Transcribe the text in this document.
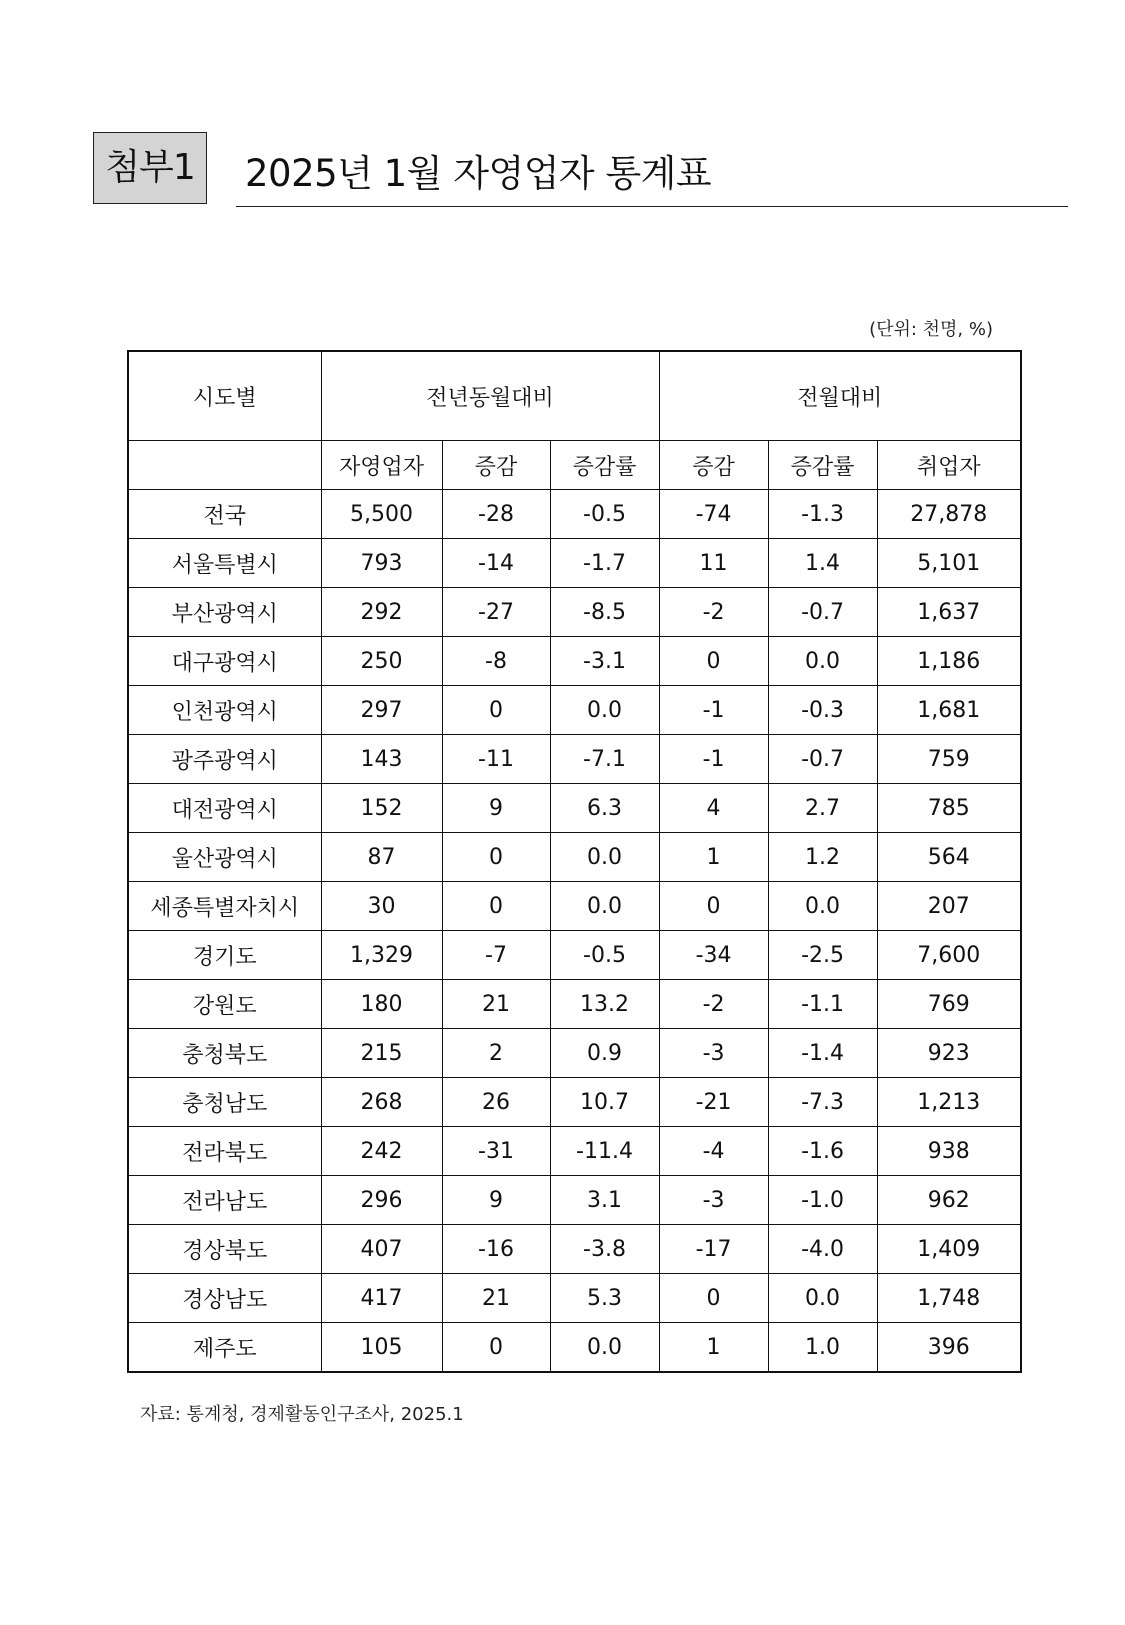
첨부1	2025년 1월 자영업자 통계표
(단위: 천명, %)
시도별	전년동월대비			전월대비		
	자영업자	증감	증감률	증감	증감률	취업자
전국	5,500	-28	-0.5	-74	-1.3	27,878
서울특별시	793	-14	-1.7	11	1.4	5,101
부산광역시	292	-27	-8.5	-2	-0.7	1,637
대구광역시	250	-8	-3.1	0	0.0	1,186
인천광역시	297	0	0.0	-1	-0.3	1,681
광주광역시	143	-11	-7.1	-1	-0.7	759
대전광역시	152	9	6.3	4	2.7	785
울산광역시	87	0	0.0	1	1.2	564
세종특별자치시	30	0	0.0	0	0.0	207
경기도	1,329	-7	-0.5	-34	-2.5	7,600
강원도	180	21	13.2	-2	-1.1	769
충청북도	215	2	0.9	-3	-1.4	923
충청남도	268	26	10.7	-21	-7.3	1,213
전라북도	242	-31	-11.4	-4	-1.6	938
전라남도	296	9	3.1	-3	-1.0	962
경상북도	407	-16	-3.8	-17	-4.0	1,409
경상남도	417	21	5.3	0	0.0	1,748
제주도	105	0	0.0	1	1.0	396
자료: 통계청, 경제활동인구조사, 2025.1
